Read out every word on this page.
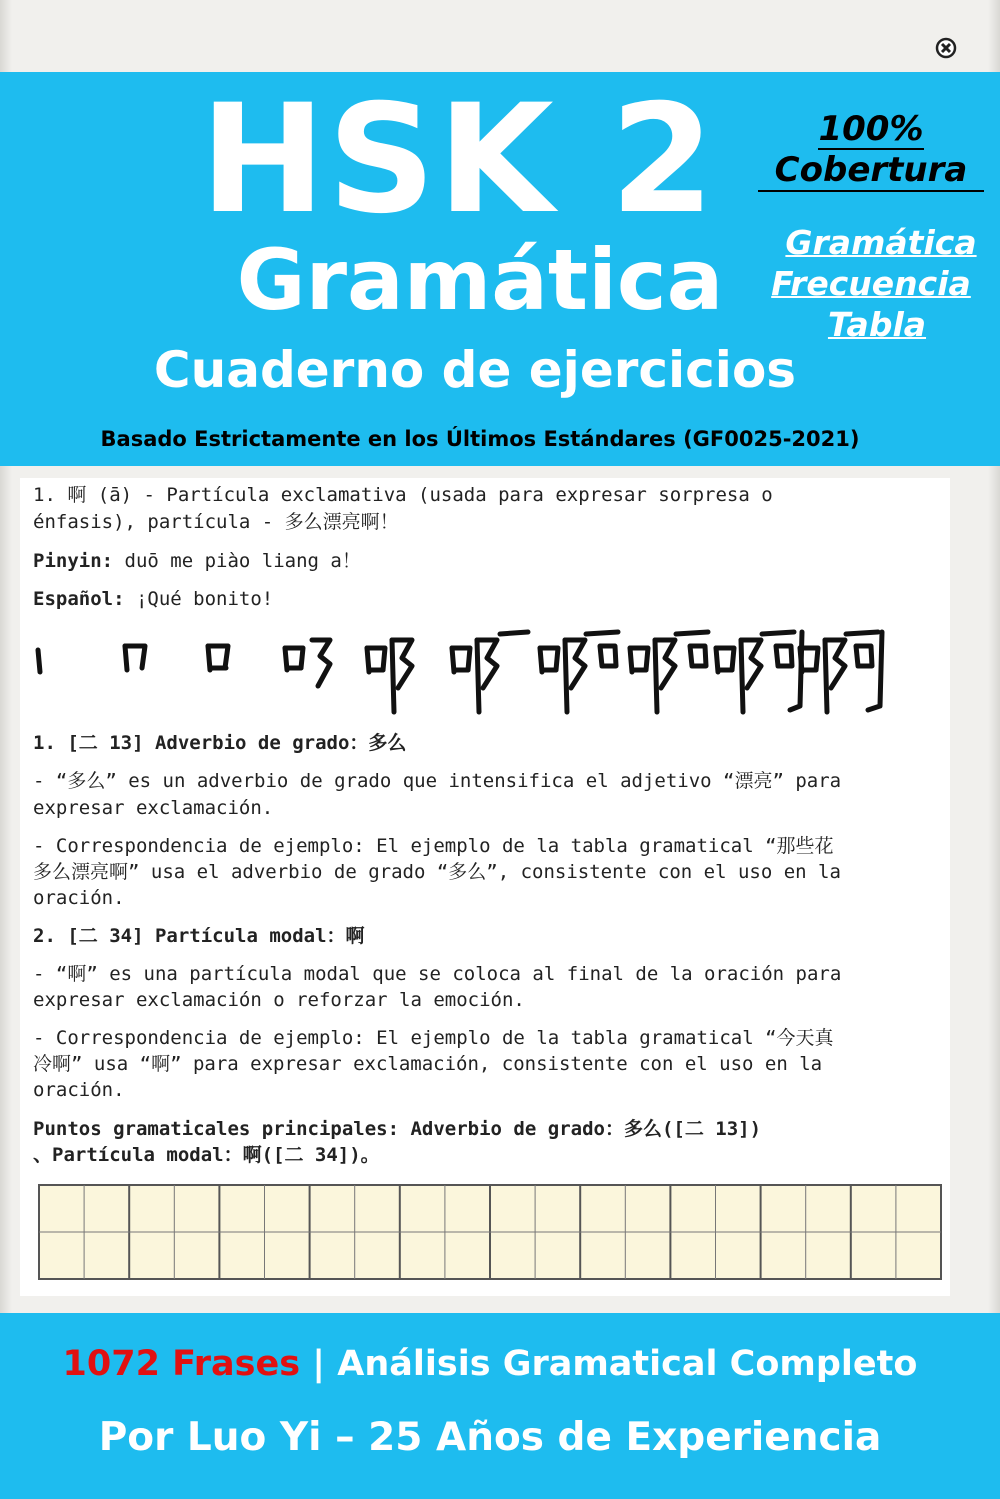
HSK 2
Gramática
Cuaderno de ejercicios
Basado Estrictamente en los Últimos Estándares (GF0025-2021)
100%
Cobertura
Gramática
Frecuencia
Tabla
1. 啊 (ā) - Partícula exclamativa (usada para expresar sorpresa o
énfasis), partícula - 多么漂亮啊！
Pinyin: duō me piào liang a！
Español: ¡Qué bonito!
1. [二 13] Adverbio de grado：多么
- “多么” es un adverbio de grado que intensifica el adjetivo “漂亮” para
expresar exclamación.
- Correspondencia de ejemplo: El ejemplo de la tabla gramatical “那些花
多么漂亮啊” usa el adverbio de grado “多么”, consistente con el uso en la
oración.
2. [二 34] Partícula modal：啊
- “啊” es una partícula modal que se coloca al final de la oración para
expresar exclamación o reforzar la emoción.
- Correspondencia de ejemplo: El ejemplo de la tabla gramatical “今天真
冷啊” usa “啊” para expresar exclamación, consistente con el uso en la
oración.
Puntos gramaticales principales: Adverbio de grado：多么([二 13])
、Partícula modal：啊([二 34])。
1072 Frases | Análisis Gramatical Completo
Por Luo Yi – 25 Años de Experiencia
